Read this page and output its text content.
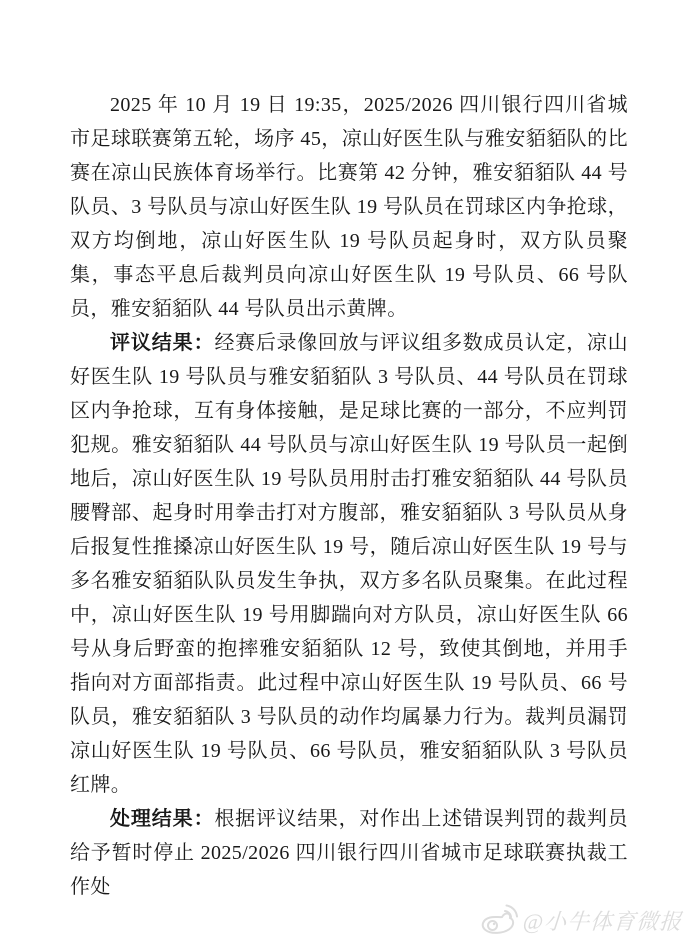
2025 年 10 月 19 日 19:35，2025/2026 四川银行四川省城市足球联赛第五轮，场序 45，凉山好医生队与雅安貊貊队的比赛在凉山民族体育场举行。比赛第 42 分钟，雅安貊貊队 44 号队员、3 号队员与凉山好医生队 19 号队员在罚球区内争抢球，双方均倒地，凉山好医生队 19 号队员起身时，双方队员聚集，事态平息后裁判员向凉山好医生队 19 号队员、66 号队员，雅安貊貊队 44 号队员出示黄牌。

评议结果：经赛后录像回放与评议组多数成员认定，凉山好医生队 19 号队员与雅安貊貊队 3 号队员、44 号队员在罚球区内争抢球，互有身体接触，是足球比赛的一部分，不应判罚犯规。雅安貊貊队 44 号队员与凉山好医生队 19 号队员一起倒地后，凉山好医生队 19 号队员用肘击打雅安貊貊队 44 号队员腰臀部、起身时用拳击打对方腹部，雅安貊貊队 3 号队员从身后报复性推搡凉山好医生队 19 号，随后凉山好医生队 19 号与多名雅安貊貊队队员发生争执，双方多名队员聚集。在此过程中，凉山好医生队 19 号用脚踹向对方队员，凉山好医生队 66 号从身后野蛮的抱摔雅安貊貊队 12 号，致使其倒地，并用手指向对方面部指责。此过程中凉山好医生队 19 号队员、66 号队员，雅安貊貊队 3 号队员的动作均属暴力行为。裁判员漏罚凉山好医生队 19 号队员、66 号队员，雅安貊貊队队 3 号队员红牌。

处理结果：根据评议结果，对作出上述错误判罚的裁判员给予暂时停止 2025/2026 四川银行四川省城市足球联赛执裁工作处

@小牛体育微报
